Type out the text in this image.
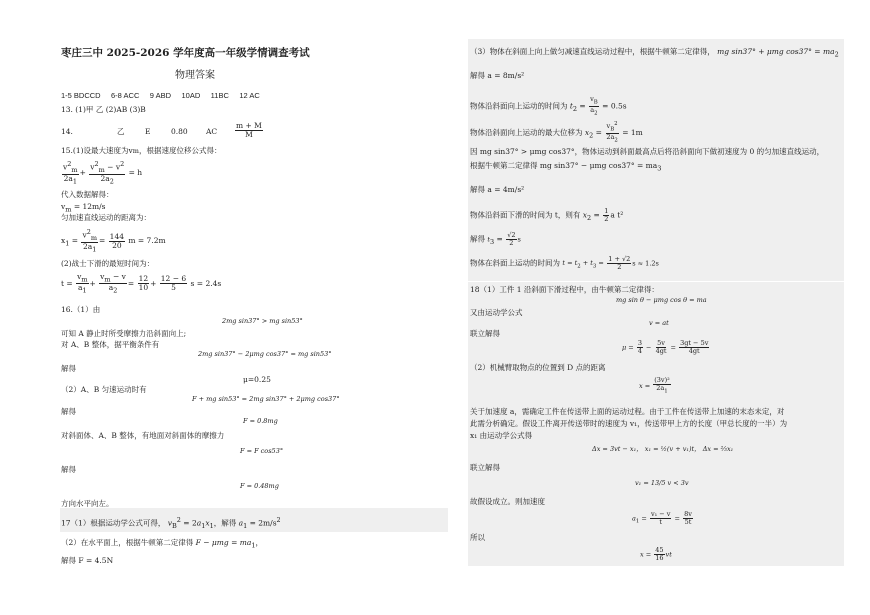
枣庄三中 2025-2026 学年度高一年级学情调查考试
物理答案
1-5 BDCCD 6-8 ACC 9 ABD 10AD 11BC 12 AC
13. (1)甲 乙 (2)AB (3)B
14.	乙	E	0.80 AC $\frac{m + M}{M}$
15.(1)设最大速度为vm，根据速度位移公式得：
$\frac{v^2_m}{2a_1} + \frac{v^2_m - v^2}{2a_2} = h$
代入数据解得：
$v_m = 12m/s$
匀加速直线运动的距离为：
$x_1 = \frac{v^2_m}{2a_1} = \frac{144}{20}$ m = 7.2m
(2)战士下滑的最短时间为：
$t = \frac{v_m}{a_1} + \frac{v_m - v}{a_2} = \frac{12}{10} + \frac{12 - 6}{5}$ s = 2.4s
16.（1）由
2mg sin37° > mg sin53°
可知 A 静止时所受摩擦力沿斜面向上;
对 A、B 整体，据平衡条件有
2mg sin37° − 2μmg cos37° = mg sin53°
解得
μ=0.25
（2）A、B 匀速运动时有
F + mg sin53° = 2mg sin37° + 2μmg cos37°
解得
F = 0.8mg
对斜面体、A、B 整体，有地面对斜面体的摩擦力
F = F cos53°
解得
F = 0.48mg
方向水平向左。
17（1）根据运动学公式可得， $v_B^2 = 2a_1x_1$，解得 $a_1 = 2m/s^2$
（2）在水平面上，根据牛顿第二定律得 $F - \mu mg = ma_1$，
解得 F = 4.5N
（3）物体在斜面上向上做匀减速直线运动过程中，根据牛顿第二定律得， mg sin37° + μmg $\cos 37^\circ = ma_2$
解得 a = 8m/s²
物体沿斜面向上运动的时间为 $t_2 = \frac{v_B}{a_2} = 0.5s$
物体沿斜面向上运动的最大位移为 $x_2 = \frac{v_B^2}{2a_2} = 1m$
因 mg sin37° > μmg cos37°，物体运动到斜面最高点后将沿斜面向下做初速度为 0 的匀加速直线运动，
根据牛顿第二定律得 mg sin37° − μmg $\cos 37^\circ = ma_3$
解得 a = 4m/s²
物体沿斜面下滑的时间为 t，则有 $x_2 = \frac{1}{2}$ a t²
解得 $t_3 = \frac{√2}{2}$ s
物体在斜面上运动的时间为 $t = t_2 + t_3 = \frac{1 + √2}{2}$ s ≈ 1.2s
18（1）工件 1 沿斜面下滑过程中，由牛顿第二定律得：
mg sin θ − μmg cos θ = ma
又由运动学公式
v = at
联立解得
$\mu = \frac{3}{4} - \frac{5v}{4gt} = \frac{3gt - 5v}{4gt}$
（2）机械臂取物点的位置到 D 点的距离
$x = \frac{\text{(3v)²}}{2a_1}$
关于加速度 a，需确定工件在传送带上面的运动过程。由于工件在传送带上加速的末态未定，对
此需分析确定。假设工件离开传送带时的速度为 v₁，传送带甲上方的长度（甲总长度的一半）为
x₁ 由运动学公式得
Δx = 3vt − x₁， x₁ = ½(v + v₁)t， Δx = ⅔x₁
联立解得
v₁ = 13/5 v < 3v
故假设成立。则加速度
$a_1 = \frac{\text{v₁ − v}}{t} = \frac{8v}{5t}$
所以
$x = \frac{45}{16}$ vt
